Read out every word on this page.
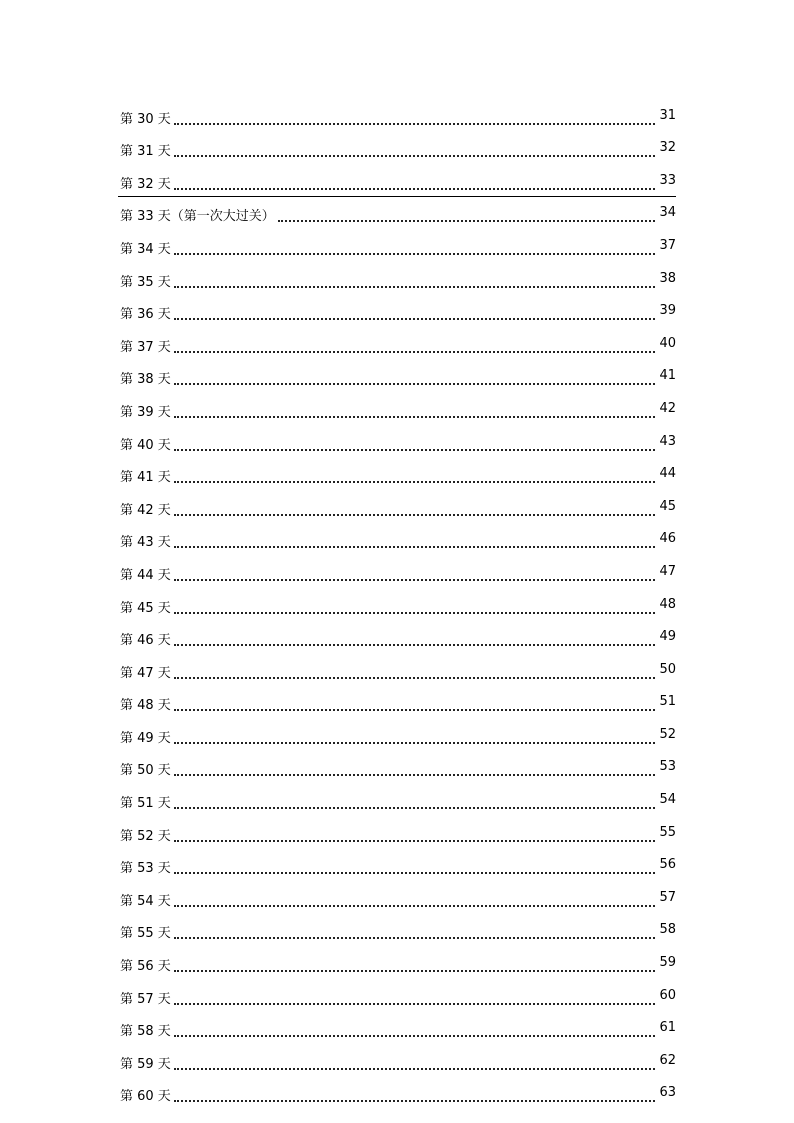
第 30 天	31
第 31 天	32
第 32 天	33
第 33 天（第一次大过关）	34
第 34 天	37
第 35 天	38
第 36 天	39
第 37 天	40
第 38 天	41
第 39 天	42
第 40 天	43
第 41 天	44
第 42 天	45
第 43 天	46
第 44 天	47
第 45 天	48
第 46 天	49
第 47 天	50
第 48 天	51
第 49 天	52
第 50 天	53
第 51 天	54
第 52 天	55
第 53 天	56
第 54 天	57
第 55 天	58
第 56 天	59
第 57 天	60
第 58 天	61
第 59 天	62
第 60 天	63
